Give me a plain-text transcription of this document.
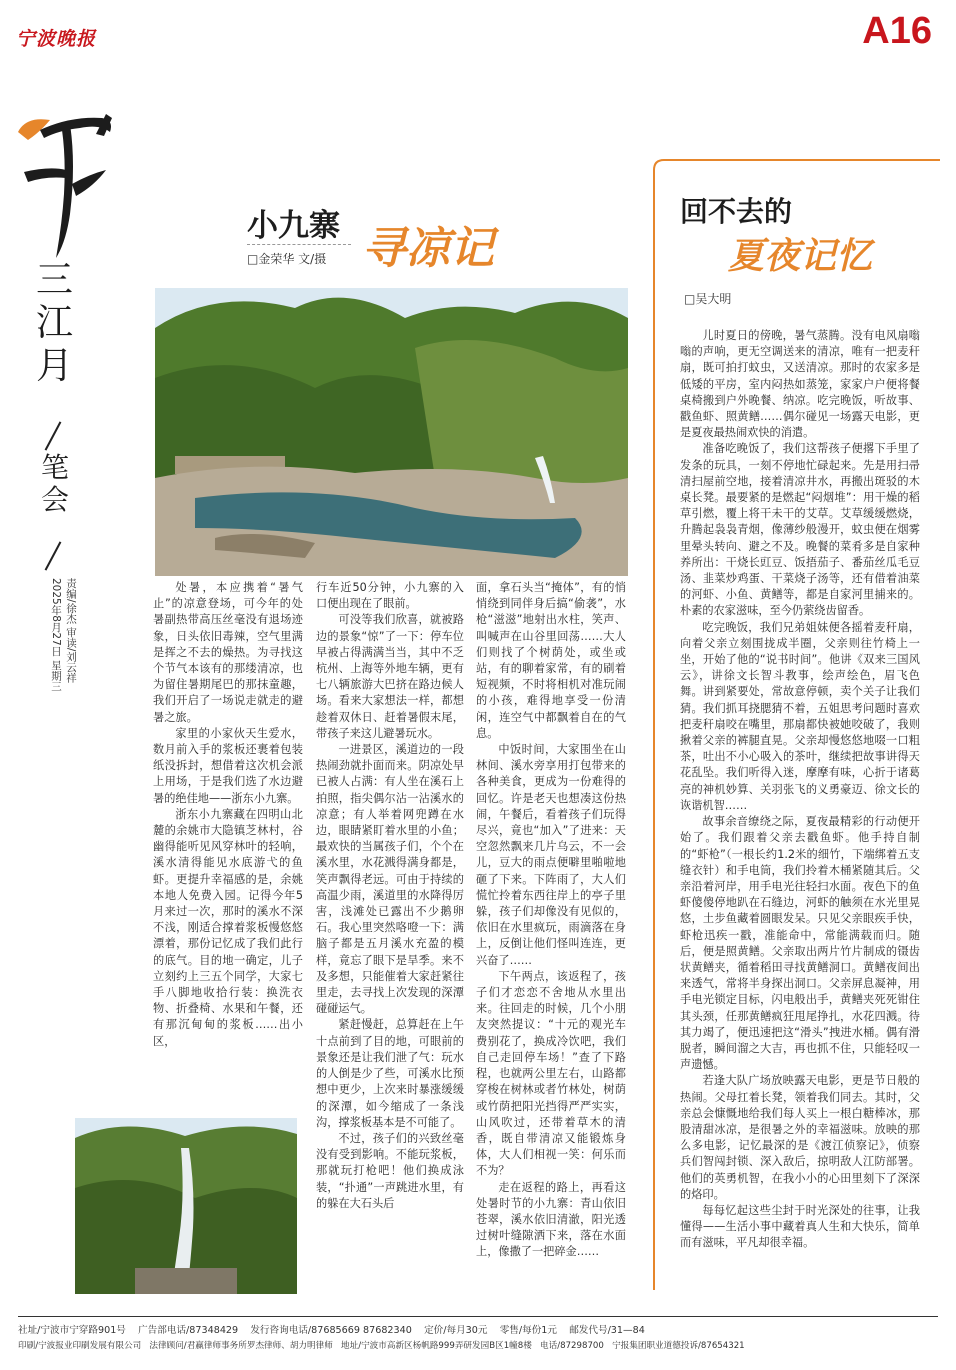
宁波晚报	A16
三江月
笔会
责编/徐杰 审读/刘云祥
2025年8月27日 星期三
小九寨 寻凉记
□金荣华 文/摄

处暑，本应携着“暑气止”的凉意登场，可今年的处暑副热带高压丝毫没有退场迹象，日头依旧毒辣，空气里满是挥之不去的燥热。为寻找这个节气本该有的那缕清凉，也为留住暑期尾巴的那抹童趣，我们开启了一场说走就走的避暑之旅。

家里的小家伙天生爱水，数月前入手的浆板还裹着包装纸没拆封，想借着这次机会派上用场，于是我们选了水边避暑的绝佳地——浙东小九寨。

浙东小九寨藏在四明山北麓的余姚市大隐镇芝林村，谷幽得能听见风穿林叶的轻响，溪水清得能见水底游弋的鱼虾。更提升幸福感的是，余姚本地人免费入园。记得今年5月来过一次，那时的溪水不深不浅，刚适合撑着浆板慢悠悠漂着，那份记忆成了我们此行的底气。目的地一确定，儿子立刻约上三五个同学，大家七手八脚地收拾行装：换洗衣物、折叠椅、水果和午餐，还有那沉甸甸的浆板……出小区，

行车近50分钟，小九寨的入口便出现在了眼前。

可没等我们欣喜，就被路边的景象“惊”了一下：停车位早被占得满满当当，其中不乏杭州、上海等外地车辆，更有七八辆旅游大巴挤在路边候人场。看来大家想法一样，都想趁着双休日、赶着暑假末尾，带孩子来这儿避暑玩水。

一进景区，溪道边的一段热闹劲就扑面而来。阴凉处早已被人占满：有人坐在溪石上拍照，指尖偶尔沾一沾溪水的凉意；有人举着网兜蹲在水边，眼睛紧盯着水里的小鱼；最欢快的当属孩子们，个个在溪水里，水花溅得满身都是，笑声飘得老远。可由于持续的高温少雨，溪道里的水降得厉害，浅滩处已露出不少鹅卵石。我心里突然咯噔一下：满脑子都是五月溪水充盈的模样，竟忘了眼下是旱季。来不及多想，只能催着大家赶紧往里走，去寻找上次发现的深潭碰碰运气。

紧赶慢赶，总算赶在上午十点前到了目的地，可眼前的景象还是让我们泄了气：玩水的人倒是少了些，可溪水比预想中更少，上次来时暴涨缓缓的深潭，如今缩成了一条浅沟，撑浆板基本是不可能了。

不过，孩子们的兴致丝毫没有受到影响。不能玩浆板，那就玩打枪吧！他们换成泳装，“扑通”一声跳进水里，有的躲在大石头后

面，拿石头当“掩体”，有的悄悄绕到同伴身后搞“偷袭”，水枪“滋滋”地射出水柱，笑声、叫喊声在山谷里回荡……大人们则找了个树荫处，或坐或站，有的聊着家常，有的刷着短视频，不时将相机对准玩闹的小孩，难得地享受一份清闲，连空气中都飘着自在的气息。

中饭时间，大家围坐在山林间、溪水旁享用打包带来的各种美食，更成为一份难得的回忆。许是老天也想凑这份热闹，午餐后，看着孩子们玩得尽兴，竟也“加入”了进来：天空忽然飘来几片乌云，不一会儿，豆大的雨点便噼里啪啦地砸了下来。下阵雨了，大人们慌忙拎着东西往岸上的亭子里躲，孩子们却像没有见似的，依旧在水里疯玩，雨滴落在身上，反倒让他们怪叫连连，更兴奋了……

下午两点，该返程了，孩子们才恋恋不舍地从水里出来。往回走的时候，几个小朋友突然提议：“十元的观光车费别花了，换成冷饮吧，我们自己走回停车场！”查了下路程，也就两公里左右，山路都穿梭在树林或者竹林处，树荫或竹荫把阳光挡得严严实实，山风吹过，还带着草木的清香，既自带清凉又能锻炼身体，大人们相视一笑：何乐而不为？

走在返程的路上，再看这处暑时节的小九寨：青山依旧苍翠，溪水依旧清澈，阳光透过树叶缝隙洒下来，落在水面上，像撒了一把碎金……

回不去的
夏夜记忆
□吴大明

儿时夏日的傍晚，暑气蒸腾。没有电风扇嗡嗡的声响，更无空调送来的清凉，唯有一把麦秆扇，既可拍打蚊虫，又送清凉。那时的农家多是低矮的平房，室内闷热如蒸笼，家家户户便将餐桌椅搬到户外晚餐、纳凉。吃完晚饭，听故事、戳鱼虾、照黄鳝……偶尔碰见一场露天电影，更是夏夜最热闹欢快的消遣。

准备吃晚饭了，我们这帮孩子便撂下手里了发条的玩具，一刻不停地忙碌起来。先是用扫帚清扫屋前空地，接着清凉井水，再搬出斑驳的木桌长凳。最要紧的是燃起“闷烟堆”：用干燥的稻草引燃，覆上将干未干的艾草。艾草缓缓燃烧，升腾起袅袅青烟，像薄纱般漫开，蚊虫便在烟雾里晕头转向、避之不及。晚餐的菜肴多是自家种养所出：干烧长豇豆、饭捂茄子、番茄丝瓜毛豆汤、韭菜炒鸡蛋、干菜烧子汤等，还有借着油菜的河虾、小鱼、黄鳝等，都是自家河里捕来的。朴素的农家滋味，至今仍萦绕齿留香。

吃完晚饭，我们兄弟姐妹便各摇着麦秆扇，向着父亲立刻围拢成半圈，父亲则往竹椅上一坐，开始了他的“说书时间”。他讲《双来三国风云》，讲徐文长智斗教事，绘声绘色，眉飞色舞。讲到紧要处，常故意停顿，卖个关子让我们猜。我们抓耳挠腮猜不着，五姐思考问题时喜欢把麦秆扇咬在嘴里，那扇都快被她咬破了，我则揪着父亲的裤腿直晃。父亲却慢悠悠地啜一口粗茶，吐出不小心吸入的茶叶，继续把故事讲得天花乱坠。我们听得入迷，摩摩有味，心折于诸葛亮的神机妙算、关羽张飞的义勇豪迈、徐文长的诙谐机智……

故事余音缭绕之际，夏夜最精彩的行动便开始了。我们跟着父亲去戳鱼虾。他手持自制的“虾枪”（一根长约1.2米的细竹，下端绑着五支缝衣针）和手电筒，我们拎着木桶紧随其后。父亲沿着河岸，用手电光往轻扫水面。夜色下的鱼虾傻傻停地趴在石缝边，河虾的触须在水光里晃悠，土步鱼藏着圆眼发呆。只见父亲眼疾手快，虾枪迅疾一戳，准能命中，常能满载而归。随后，便是照黄鳝。父亲取出两片竹片制成的镊齿状黄鳝夹，循着稻田寻找黄鳝洞口。黄鳝夜间出来透气，常将半身探出洞口。父亲屏息凝神，用手电光锁定目标，闪电般出手，黄鳝夹死死钳住其头颈，任那黄鳝疯狂甩尾挣扎，水花四溅。待其力竭了，便迅速把这“滑头”拽进水桶。偶有滑脱者，瞬间溜之大吉，再也抓不住，只能轻叹一声遗憾。

若逢大队广场放映露天电影，更是节日般的热闹。父母扛着长凳，领着我们同去。其时，父亲总会慷慨地给我们每人买上一根白糖棒冰，那股清甜冰凉，是很暑之外的幸福滋味。放映的那么多电影，记忆最深的是《渡江侦察记》，侦察兵们智闯封锁、深入敌后，掠明敌人江防部署。他们的英勇机智，在我小小的心田里刻下了深深的烙印。

每每忆起这些尘封于时光深处的往事，让我懂得——生活小事中藏着真人生和大快乐，简单而有滋味，平凡却很幸福。

社址/宁波市宁穿路901号 广告部电话/87348429 发行咨询电话/87685669 87682340 定价/每月30元 零售/每份1元 邮发代号/31—84
印刷/宁波报业印刷发展有限公司 法律顾问/君赢律师事务所罗杰律师、胡力明律师 地址/宁波市高新区杨帆路999弄研发园B区1幢8楼 电话/87298700 宁报集团职业道德投诉/87654321
